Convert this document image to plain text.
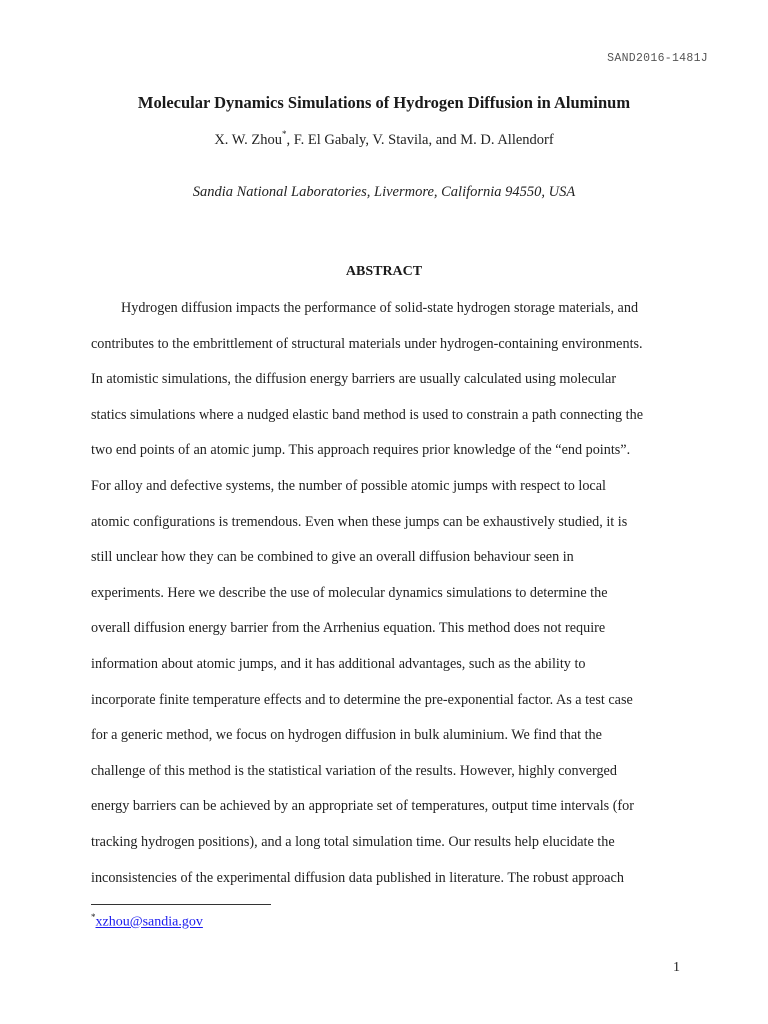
SAND2016-1481J
Molecular Dynamics Simulations of Hydrogen Diffusion in Aluminum
X. W. Zhou*, F. El Gabaly, V. Stavila, and M. D. Allendorf
Sandia National Laboratories, Livermore, California 94550, USA
ABSTRACT
Hydrogen diffusion impacts the performance of solid-state hydrogen storage materials, and
contributes to the embrittlement of structural materials under hydrogen-containing environments.
In atomistic simulations, the diffusion energy barriers are usually calculated using molecular
statics simulations where a nudged elastic band method is used to constrain a path connecting the
two end points of an atomic jump. This approach requires prior knowledge of the “end points”.
For alloy and defective systems, the number of possible atomic jumps with respect to local
atomic configurations is tremendous. Even when these jumps can be exhaustively studied, it is
still unclear how they can be combined to give an overall diffusion behaviour seen in
experiments. Here we describe the use of molecular dynamics simulations to determine the
overall diffusion energy barrier from the Arrhenius equation. This method does not require
information about atomic jumps, and it has additional advantages, such as the ability to
incorporate finite temperature effects and to determine the pre-exponential factor. As a test case
for a generic method, we focus on hydrogen diffusion in bulk aluminium. We find that the
challenge of this method is the statistical variation of the results. However, highly converged
energy barriers can be achieved by an appropriate set of temperatures, output time intervals (for
tracking hydrogen positions), and a long total simulation time. Our results help elucidate the
inconsistencies of the experimental diffusion data published in literature. The robust approach
*xzhou@sandia.gov
1
